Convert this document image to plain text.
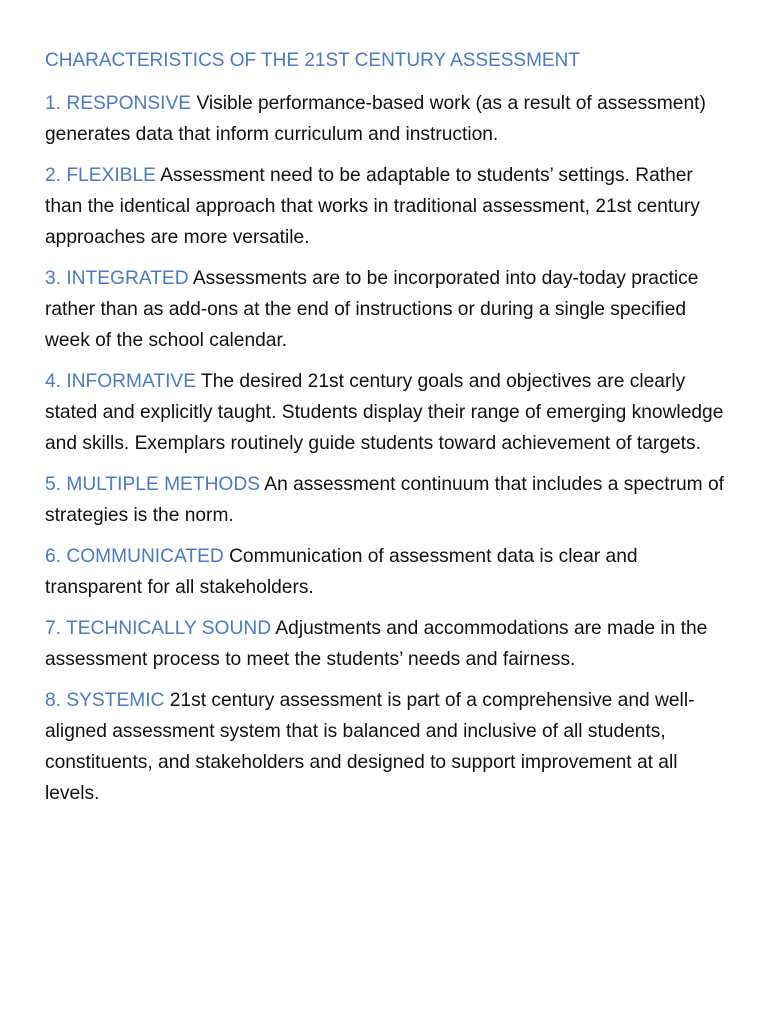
CHARACTERISTICS OF THE 21ST CENTURY ASSESSMENT

1. RESPONSIVE Visible performance-based work (as a result of assessment) generates data that inform curriculum and instruction.

2. FLEXIBLE Assessment need to be adaptable to students’ settings. Rather than the identical approach that works in traditional assessment, 21st century approaches are more versatile.

3. INTEGRATED Assessments are to be incorporated into day-today practice rather than as add-ons at the end of instructions or during a single specified week of the school calendar.

4. INFORMATIVE The desired 21st century goals and objectives are clearly stated and explicitly taught. Students display their range of emerging knowledge and skills. Exemplars routinely guide students toward achievement of targets.

5. MULTIPLE METHODS An assessment continuum that includes a spectrum of strategies is the norm.

6. COMMUNICATED Communication of assessment data is clear and transparent for all stakeholders.

7. TECHNICALLY SOUND Adjustments and accommodations are made in the assessment process to meet the students’ needs and fairness.

8. SYSTEMIC 21st century assessment is part of a comprehensive and well-aligned assessment system that is balanced and inclusive of all students, constituents, and stakeholders and designed to support improvement at all levels.
